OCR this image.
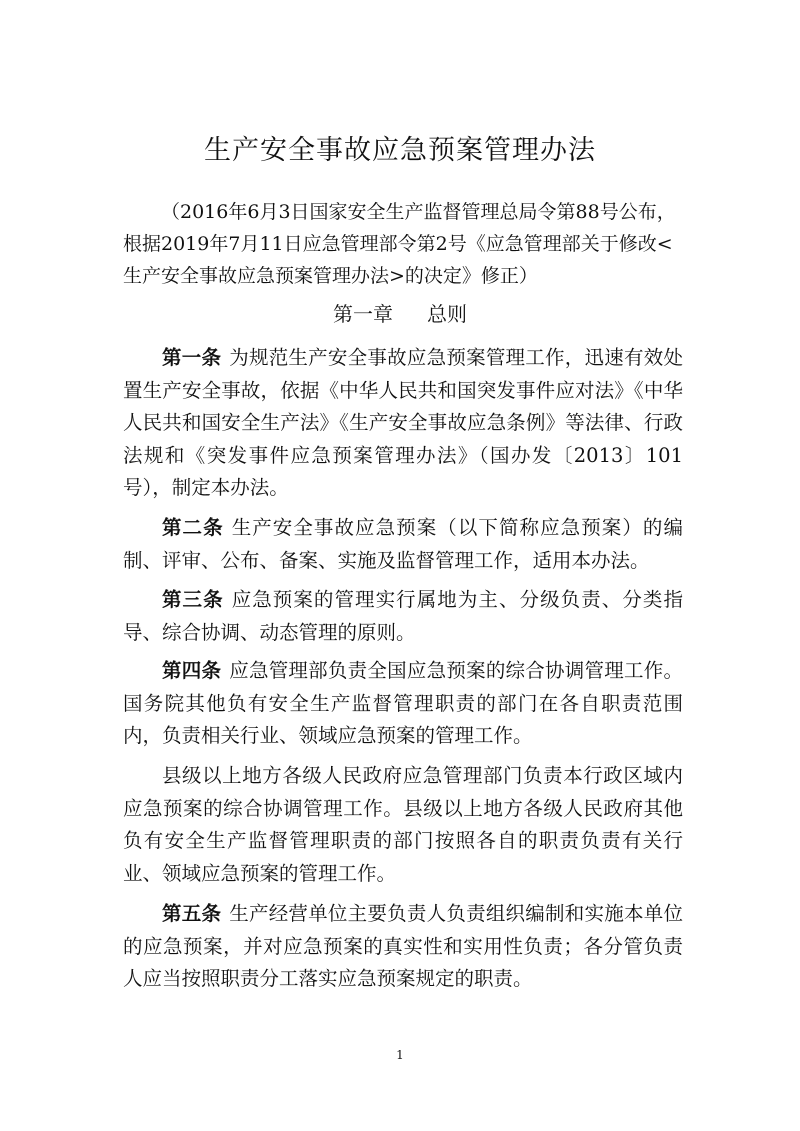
生产安全事故应急预案管理办法

（2016年6月3日国家安全生产监督管理总局令第88号公布，根据2019年7月11日应急管理部令第2号《应急管理部关于修改<生产安全事故应急预案管理办法>的决定》修正）

第一章 总则

第一条 为规范生产安全事故应急预案管理工作，迅速有效处置生产安全事故，依据《中华人民共和国突发事件应对法》《中华人民共和国安全生产法》《生产安全事故应急条例》等法律、行政法规和《突发事件应急预案管理办法》（国办发〔2013〕101号），制定本办法。

第二条 生产安全事故应急预案（以下简称应急预案）的编制、评审、公布、备案、实施及监督管理工作，适用本办法。

第三条 应急预案的管理实行属地为主、分级负责、分类指导、综合协调、动态管理的原则。

第四条 应急管理部负责全国应急预案的综合协调管理工作。国务院其他负有安全生产监督管理职责的部门在各自职责范围内，负责相关行业、领域应急预案的管理工作。

县级以上地方各级人民政府应急管理部门负责本行政区域内应急预案的综合协调管理工作。县级以上地方各级人民政府其他负有安全生产监督管理职责的部门按照各自的职责负责有关行业、领域应急预案的管理工作。

第五条 生产经营单位主要负责人负责组织编制和实施本单位的应急预案，并对应急预案的真实性和实用性负责；各分管负责人应当按照职责分工落实应急预案规定的职责。

1
